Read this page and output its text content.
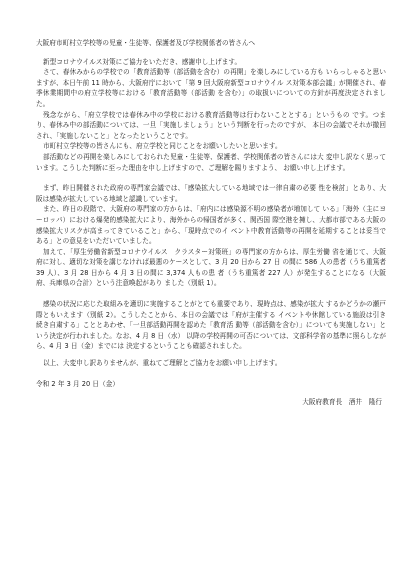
大阪府市町村立学校等の児童・生徒等、保護者及び学校関係者の皆さんへ

新型コロナウイルス対策にご協力をいただき、感謝申し上げます。

さて、春休みからの学校での「教育活動等（部活動を含む）の再開」を楽しみにしている方も いらっしゃると思いますが、本日午前 11 時から、大阪府庁において「第 9 回大阪府新型コロナウイル ス対策本部会議」が開催され、春季休業期間中の府立学校等における「教育活動等（部活動 を含む）」の取扱いについての方針が再度決定されました。

残念ながら、「府立学校では春休み中の学校における教育活動等は行わないこととする」というもの です。つまり、春休み中の部活動については、一旦「実施しましょう」という判断を行ったのですが、 本日の会議でそれが撤回され、「実施しないこと」となったということです。

市町村立学校等の皆さんにも、府立学校と同じことをお願いしたいと思います。

部活動などの再開を楽しみにしておられた児童・生徒等、保護者、学校関係者の皆さんには大 変申し訳なく思っています。こうした判断に至った理由を申し上げますので、ご理解を賜りますよう、 お願い申し上げます。

まず、昨日開催された政府の専門家会議では、「感染拡大している地域では一律自粛の必要 性を検討」とあり、大阪は感染が拡大している地域と認識しています。

また、昨日の段階で、大阪府の専門家の方からは、「府内には感染源不明の感染者が増加して いる」「海外（主にヨーロッパ）における爆発的感染拡大により、海外からの帰国者が多く、関西国 際空港を擁し、大都市部である大阪の感染拡大リスクが高まってきていること」から、「現時点でのイ ベント中教育活動等の再開を延期することは妥当である」との意見をいただいていました。

加えて、「厚生労働省新型コロナウイルス　クラスター対策班」の専門家の方からは、厚生労働 省を通じて、大阪府に対し、適切な対策を講じなければ最悪のケースとして、3 月 20 日から 27 日 の間に 586 人の患者（うち重篤者 39 人）、3 月 28 日から 4 月 3 日の間に 3,374 人もの患 者（うち重篤者 227 人）が発生することになる（大阪府、兵庫県の合計）という注意喚起があり ました（別紙 1）。

感染の状況に応じた取組みを適切に実施することがとても重要であり、現時点は、感染が拡大 するかどうかの瀬戸際ともいえます（別紙 2）。こうしたことから、本日の会議では「府が主催する イベントや休館している施設は引き続き自粛する」こととあわせ、「一旦部活動再開を認めた「教育活 動等（部活動を含む）」についても実施しない」という決定が行われました。なお、4 月 8 日（水） 以降の学校再開の可否については、文部科学省の基準に照らしながら、4 月 3 日（金）までには 決定するということも確認されました。

以上、大変申し訳ありませんが、重ねてご理解とご協力をお願い申し上げます。

令和 2 年 3 月 20 日（金）

大阪府教育長　酒井　隆行
